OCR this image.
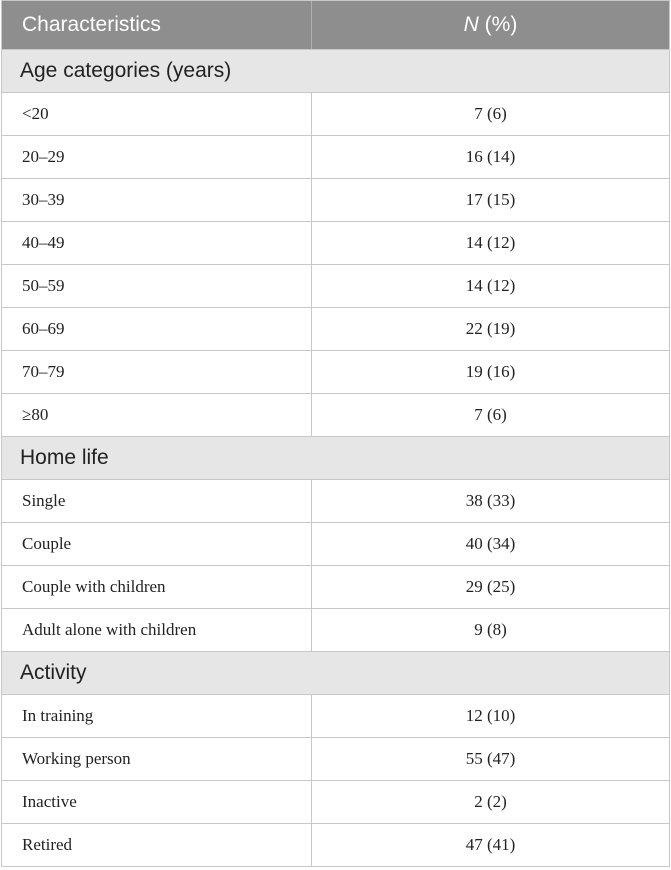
Characteristics	N (%)
Age categories (years)
<20	7 (6)
20–29	16 (14)
30–39	17 (15)
40–49	14 (12)
50–59	14 (12)
60–69	22 (19)
70–79	19 (16)
≥80	7 (6)
Home life
Single	38 (33)
Couple	40 (34)
Couple with children	29 (25)
Adult alone with children	9 (8)
Activity
In training	12 (10)
Working person	55 (47)
Inactive	2 (2)
Retired	47 (41)
